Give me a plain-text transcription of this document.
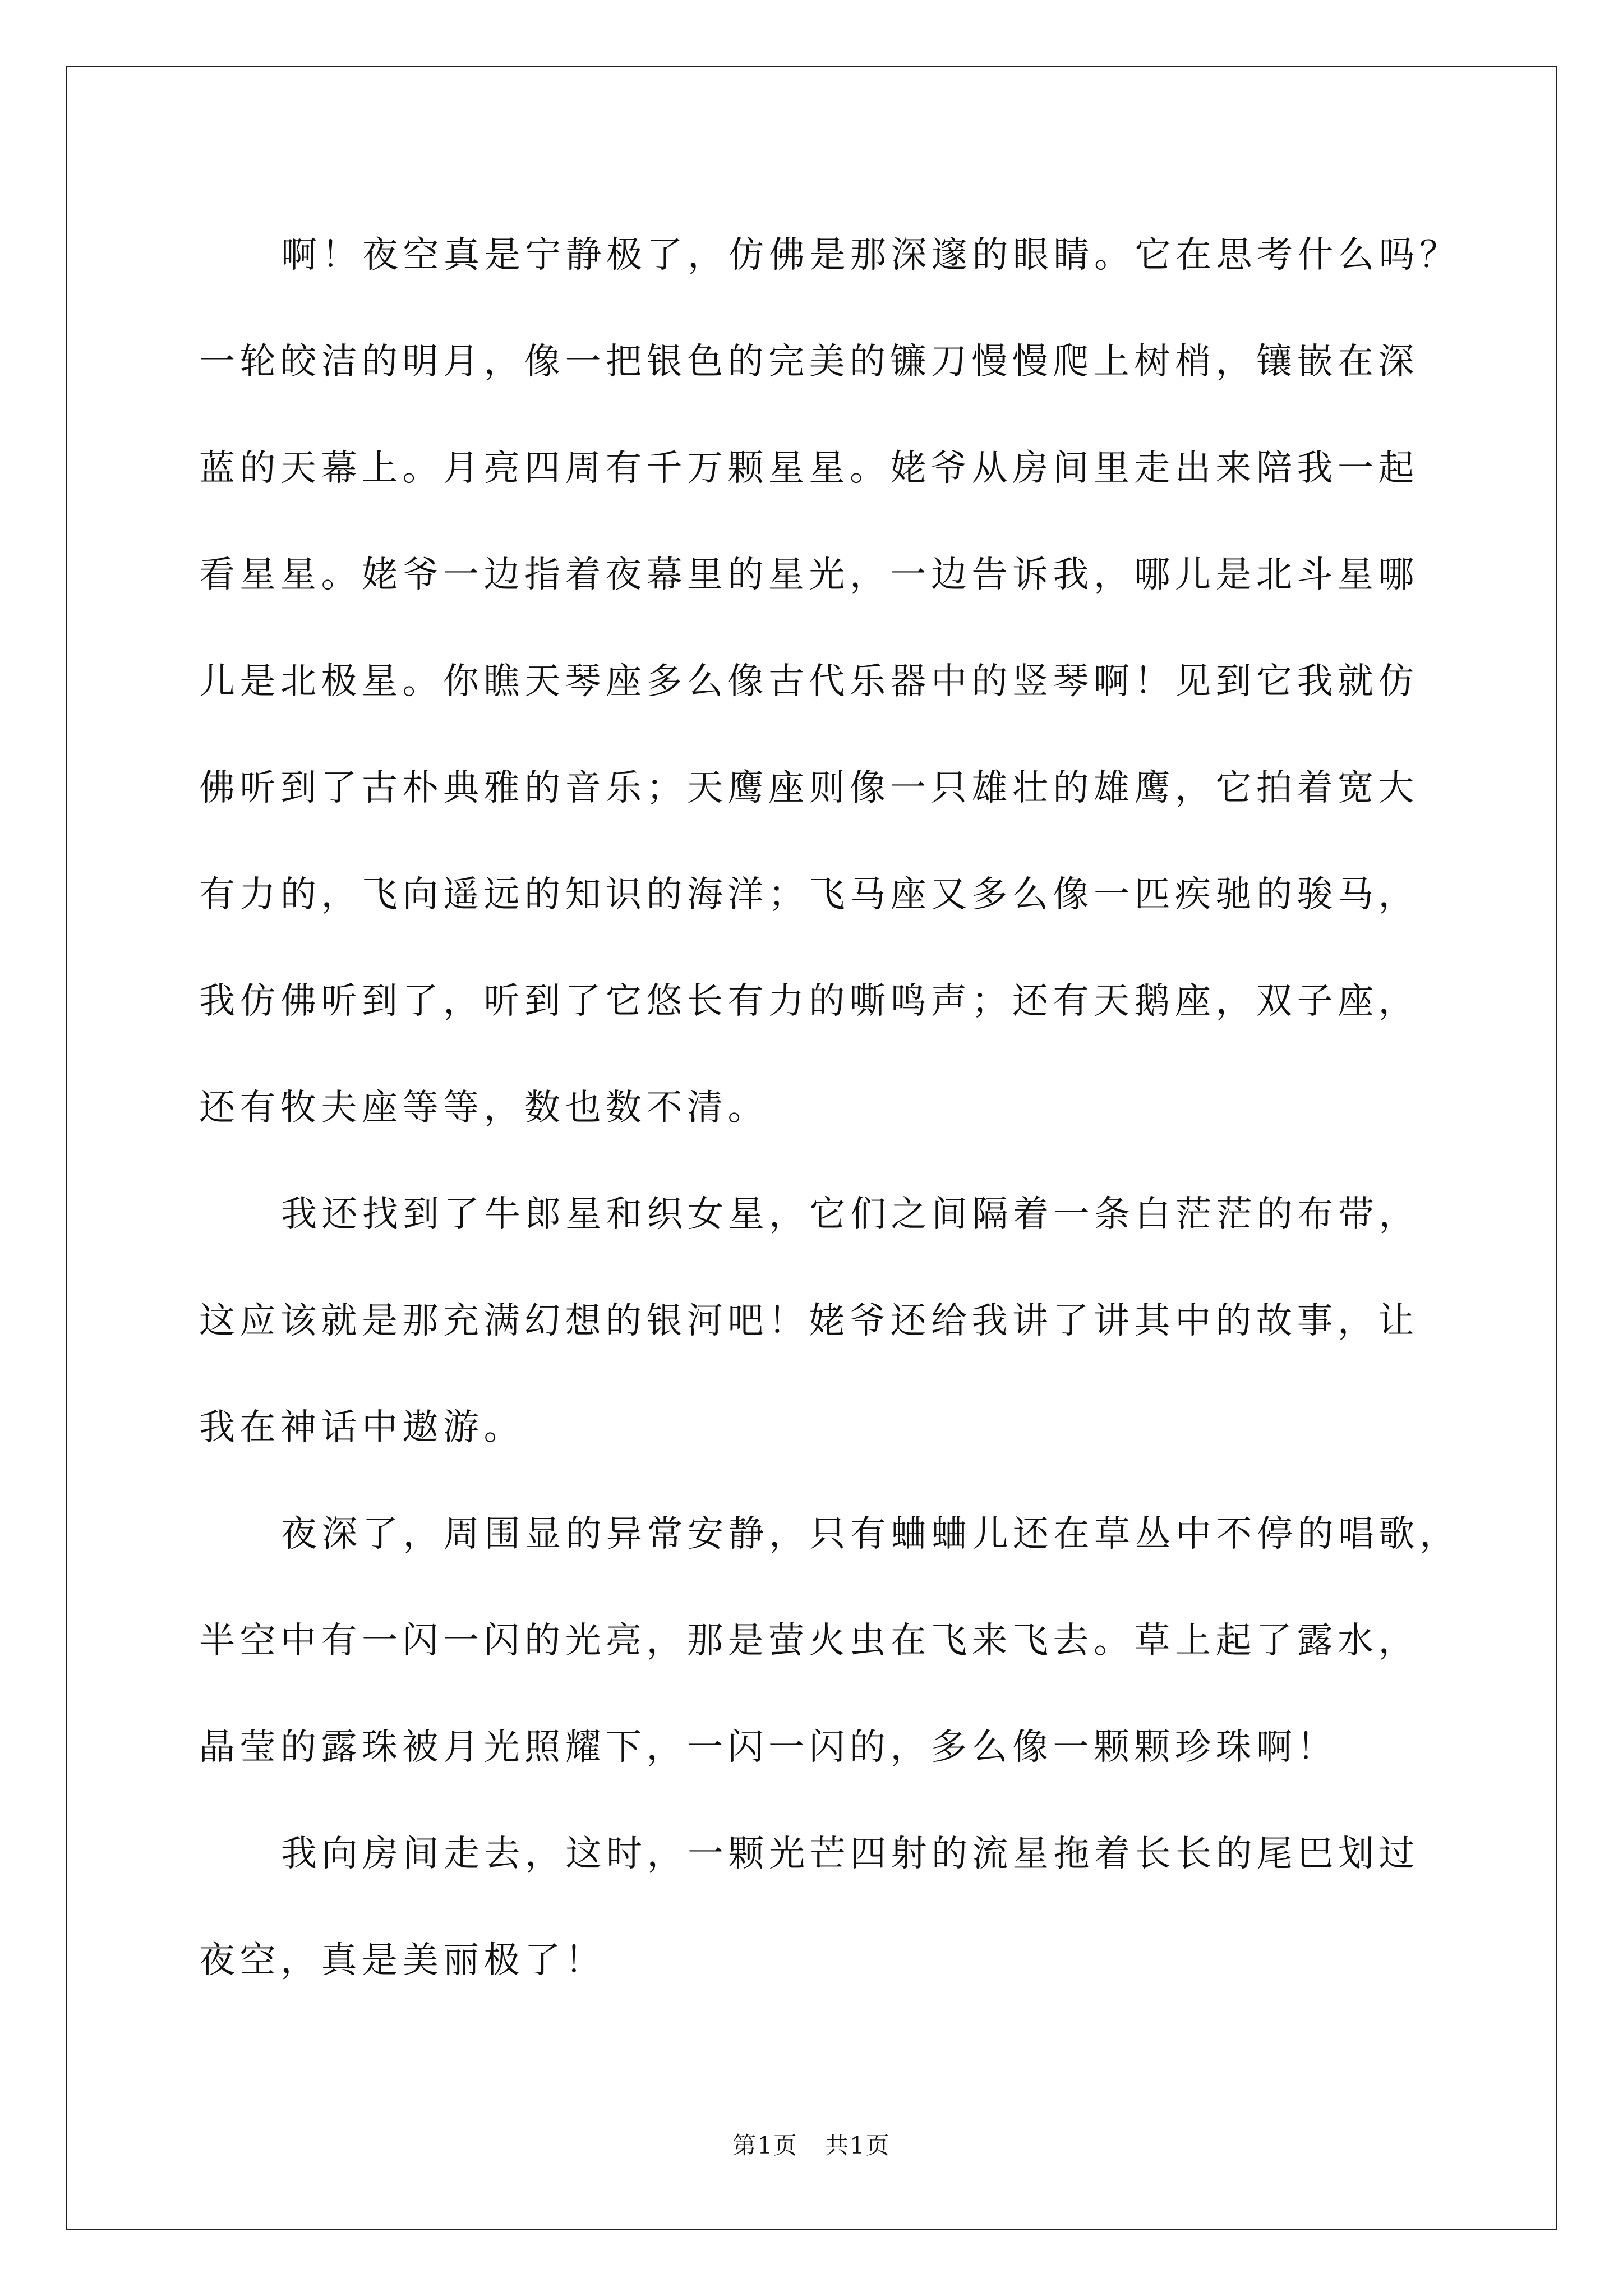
啊！夜空真是宁静极了，仿佛是那深邃的眼睛。它在思考什么吗？
一轮皎洁的明月，像一把银色的完美的镰刀慢慢爬上树梢，镶嵌在深
蓝的天幕上。月亮四周有千万颗星星。姥爷从房间里走出来陪我一起
看星星。姥爷一边指着夜幕里的星光，一边告诉我，哪儿是北斗星哪
儿是北极星。你瞧天琴座多么像古代乐器中的竖琴啊！见到它我就仿
佛听到了古朴典雅的音乐；天鹰座则像一只雄壮的雄鹰，它拍着宽大
有力的，飞向遥远的知识的海洋；飞马座又多么像一匹疾驰的骏马，
我仿佛听到了，听到了它悠长有力的嘶鸣声；还有天鹅座，双子座，
还有牧夫座等等，数也数不清。
我还找到了牛郎星和织女星，它们之间隔着一条白茫茫的布带，
这应该就是那充满幻想的银河吧！姥爷还给我讲了讲其中的故事，让
我在神话中遨游。
夜深了，周围显的异常安静，只有蛐蛐儿还在草丛中不停的唱歌，
半空中有一闪一闪的光亮，那是萤火虫在飞来飞去。草上起了露水，
晶莹的露珠被月光照耀下，一闪一闪的，多么像一颗颗珍珠啊！
我向房间走去，这时，一颗光芒四射的流星拖着长长的尾巴划过
夜空，真是美丽极了！
第1页 共1页
